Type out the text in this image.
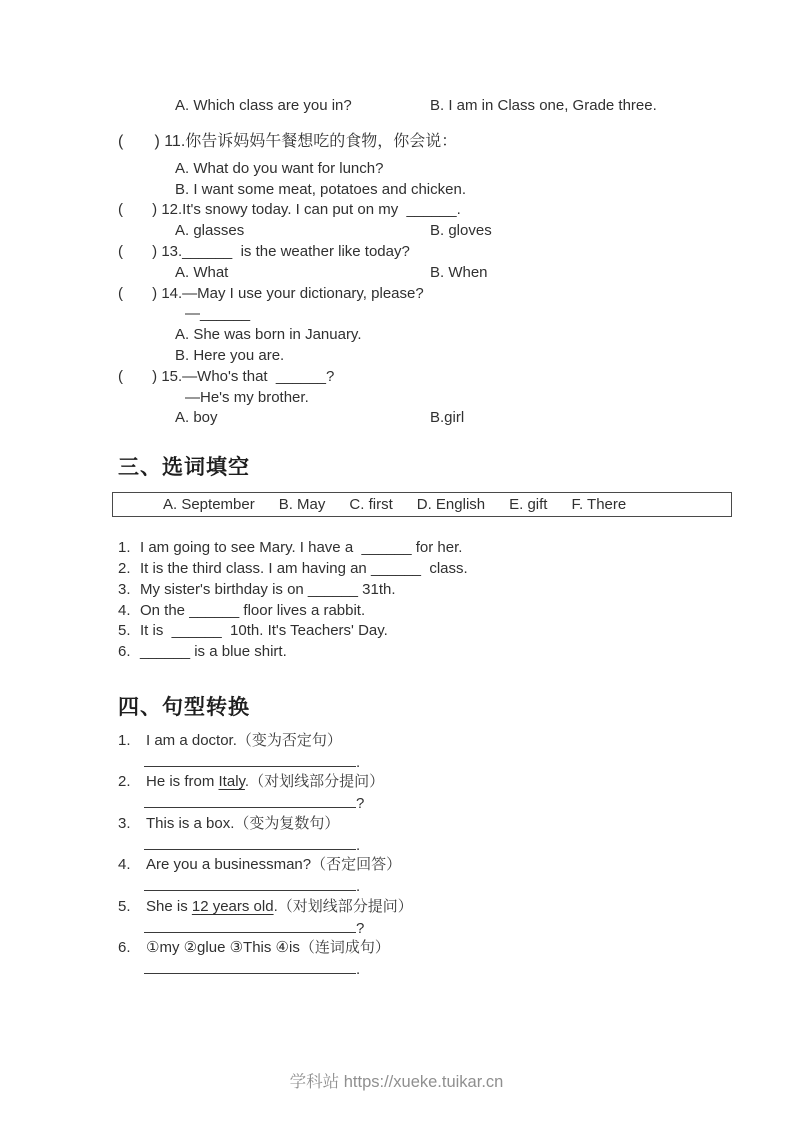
A. Which class are you in?	B. I am in Class one, Grade three.
(       ) 11.你告诉妈妈午餐想吃的食物，你会说：
A. What do you want for lunch?
B. I want some meat, potatoes and chicken.
(       ) 12.It's snowy today. I can put on my  ______.
A. glasses	B. gloves
(       ) 13.______  is the weather like today?
A. What	B. When
(       ) 14.—May I use your dictionary, please?
—______
A. She was born in January.
B. Here you are.
(       ) 15.—Who's that  ______?
—He's my brother.
A. boy	B.girl
三、选词填空
A. September B. May C. first D. English E. gift F. There
1. I am going to see Mary. I have a  ______ for her.
2. It is the third class. I am having an ______  class.
3. My sister's birthday is on ______ 31th.
4. On the ______ floor lives a rabbit.
5. It is  ______  10th. It's Teachers' Day.
6. ______ is a blue shirt.
四、句型转换
1.	I am a doctor.（变为否定句）
.
2.	He is from Italy.（对划线部分提问）
?
3.	This is a box.（变为复数句）
.
4.	Are you a businessman?（否定回答）
.
5.	She is 12 years old.（对划线部分提问）
?
6.	①my ②glue ③This ④is（连词成句）
.
学科站 https://xueke.tuikar.cn
